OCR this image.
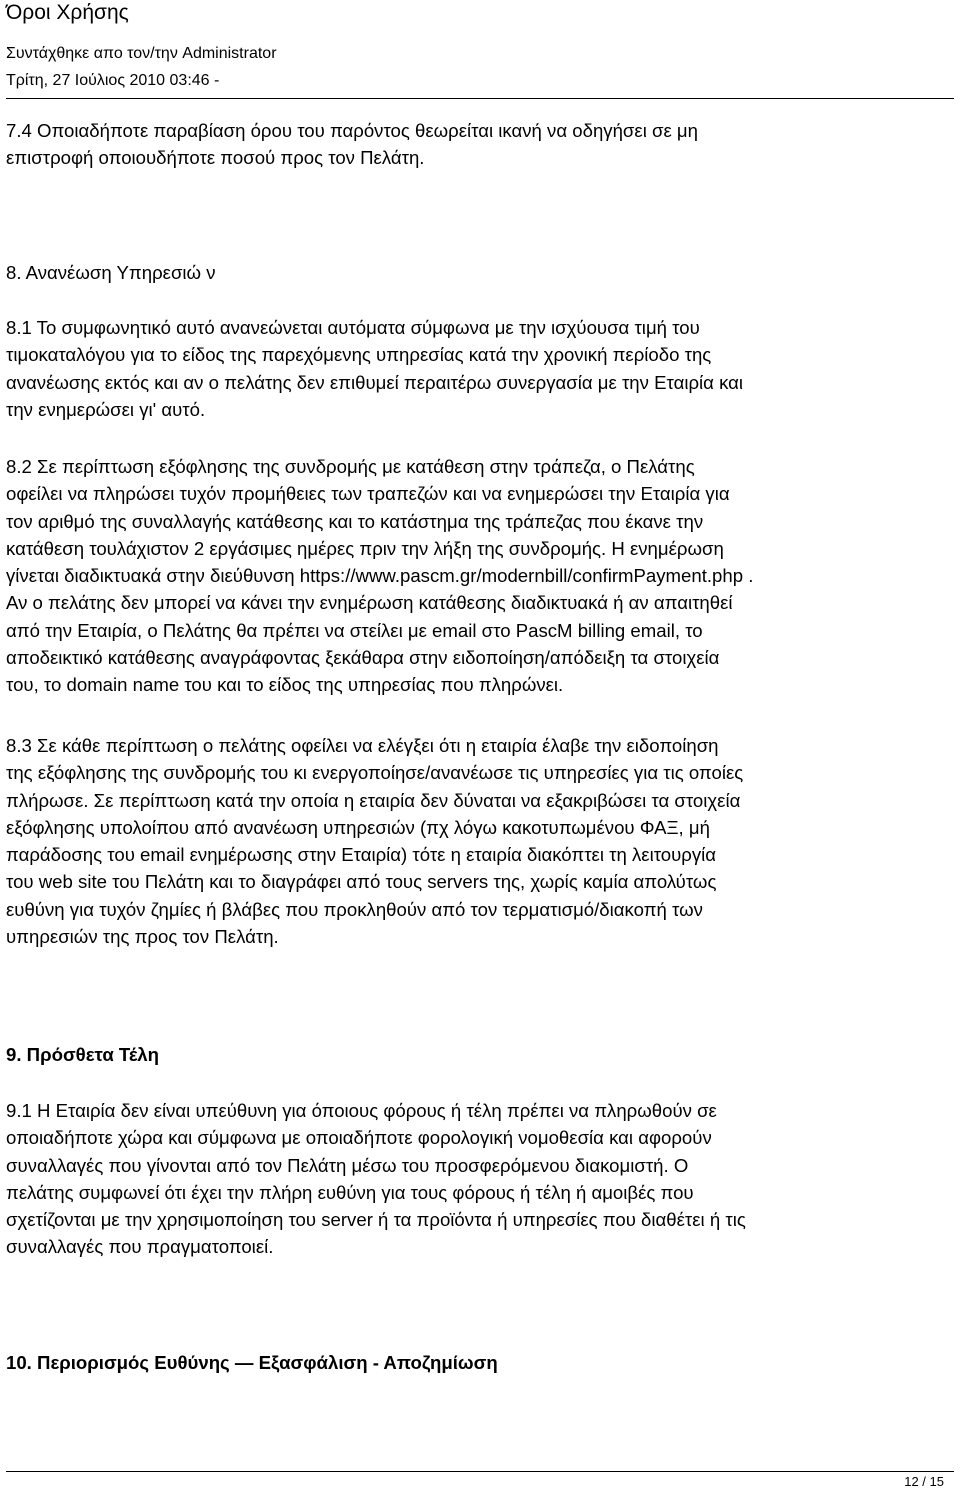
Όροι Χρήσης
Συντάχθηκε απο τον/την Administrator
Τρίτη, 27 Ιούλιος 2010 03:46 -
7.4 Οποιαδήποτε παραβίαση όρου του παρόντος θεωρείται ικανή να οδηγήσει σε μη
επιστροφή οποιουδήποτε ποσού προς τον Πελάτη.
8. Ανανέωση Υπηρεσιώ ν
8.1 Το συμφωνητικό αυτό ανανεώνεται αυτόματα σύμφωνα με την ισχύουσα τιμή του
τιμοκαταλόγου για το είδος της παρεχόμενης υπηρεσίας κατά την χρονική περίοδο της
ανανέωσης εκτός και αν ο πελάτης δεν επιθυμεί περαιτέρω συνεργασία με την Εταιρία και
την ενημερώσει γι' αυτό.
8.2 Σε περίπτωση εξόφλησης της συνδρομής με κατάθεση στην τράπεζα, ο Πελάτης
οφείλει να πληρώσει τυχόν προμήθειες των τραπεζών και να ενημερώσει την Εταιρία για
τον αριθμό της συναλλαγής κατάθεσης και το κατάστημα της τράπεζας που έκανε την
κατάθεση τουλάχιστον 2 εργάσιμες ημέρες πριν την λήξη της συνδρομής. Η ενημέρωση
γίνεται διαδικτυακά στην διεύθυνση https://www.pascm.gr/modernbill/confirmPayment.php .
Αν ο πελάτης δεν μπορεί να κάνει την ενημέρωση κατάθεσης διαδικτυακά ή αν απαιτηθεί
από την Εταιρία, ο Πελάτης θα πρέπει να στείλει με email στο PascM billing email, το
αποδεικτικό κατάθεσης αναγράφοντας ξεκάθαρα στην ειδοποίηση/απόδειξη τα στοιχεία
του, το domain name του και το είδος της υπηρεσίας που πληρώνει.
8.3 Σε κάθε περίπτωση ο πελάτης οφείλει να ελέγξει ότι η εταιρία έλαβε την ειδοποίηση
της εξόφλησης της συνδρομής του κι ενεργοποίησε/ανανέωσε τις υπηρεσίες για τις οποίες
πλήρωσε. Σε περίπτωση κατά την οποία η εταιρία δεν δύναται να εξακριβώσει τα στοιχεία
εξόφλησης υπολοίπου από ανανέωση υπηρεσιών (πχ λόγω κακοτυπωμένου ΦΑΞ, μή
παράδοσης του email ενημέρωσης στην Εταιρία) τότε η εταιρία διακόπτει τη λειτουργία
του web site του Πελάτη και το διαγράφει από τους servers της, χωρίς καμία απολύτως
ευθύνη για τυχόν ζημίες ή βλάβες που προκληθούν από τον τερματισμό/διακοπή των
υπηρεσιών της προς τον Πελάτη.
9. Πρόσθετα Τέλη
9.1 Η Εταιρία δεν είναι υπεύθυνη για όποιους φόρους ή τέλη πρέπει να πληρωθούν σε
οποιαδήποτε χώρα και σύμφωνα με οποιαδήποτε φορολογική νομοθεσία και αφορούν
συναλλαγές που γίνονται από τον Πελάτη μέσω του προσφερόμενου διακομιστή. Ο
πελάτης συμφωνεί ότι έχει την πλήρη ευθύνη για τους φόρους ή τέλη ή αμοιβές που
σχετίζονται με την χρησιμοποίηση του server ή τα προϊόντα ή υπηρεσίες που διαθέτει ή τις
συναλλαγές που πραγματοποιεί.
10. Περιορισμός Ευθύνης — Εξασφάλιση - Αποζημίωση
12 / 15
